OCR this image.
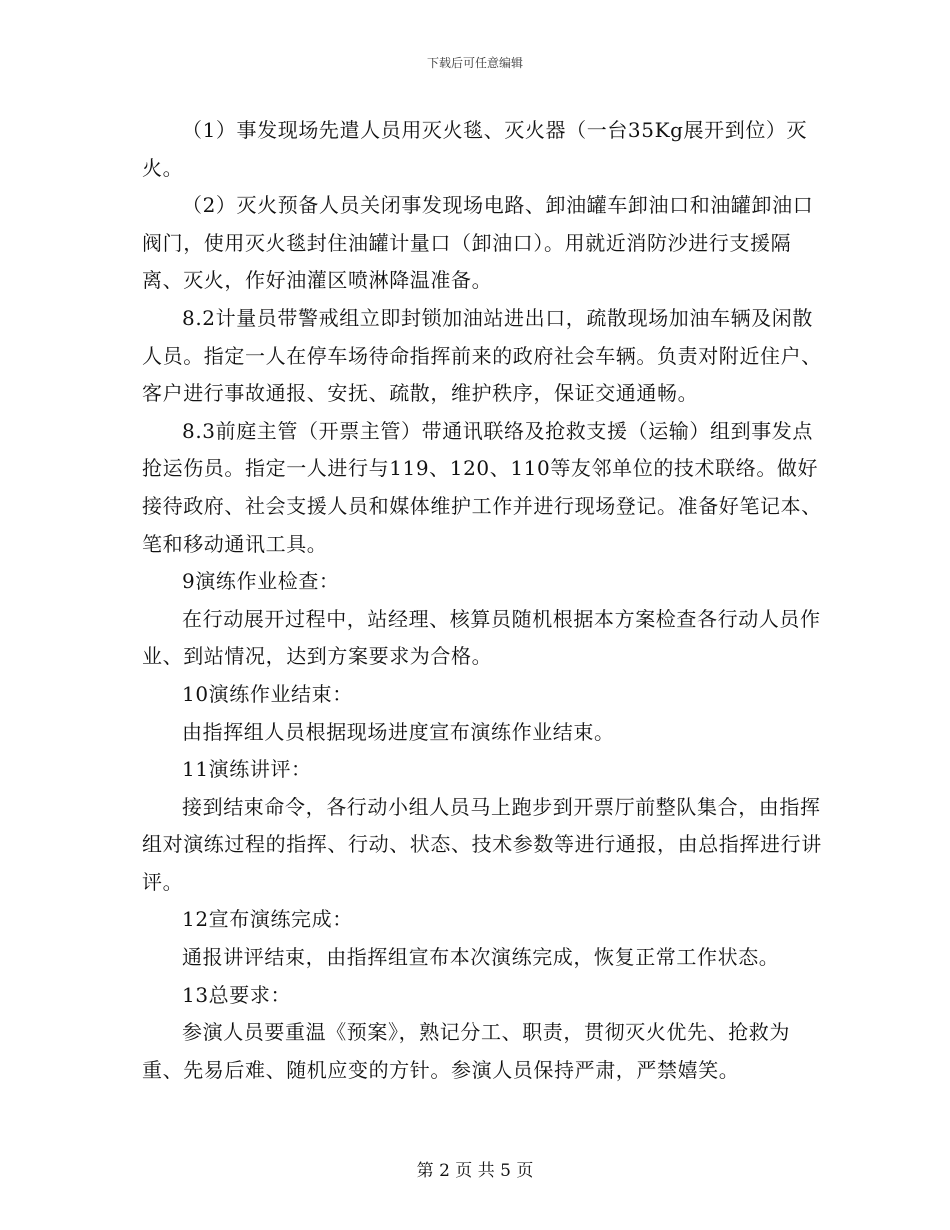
下载后可任意编辑

（1）事发现场先遣人员用灭火毯、灭火器（一台35Kg展开到位）灭火。

（2）灭火预备人员关闭事发现场电路、卸油罐车卸油口和油罐卸油口阀门，使用灭火毯封住油罐计量口（卸油口）。用就近消防沙进行支援隔离、灭火，作好油灌区喷淋降温准备。

8.2计量员带警戒组立即封锁加油站进出口，疏散现场加油车辆及闲散人员。指定一人在停车场待命指挥前来的政府社会车辆。负责对附近住户、客户进行事故通报、安抚、疏散，维护秩序，保证交通通畅。

8.3前庭主管（开票主管）带通讯联络及抢救支援（运输）组到事发点抢运伤员。指定一人进行与119、120、110等友邻单位的技术联络。做好接待政府、社会支援人员和媒体维护工作并进行现场登记。准备好笔记本、笔和移动通讯工具。

9演练作业检查：

在行动展开过程中，站经理、核算员随机根据本方案检查各行动人员作业、到站情况，达到方案要求为合格。

10演练作业结束：

由指挥组人员根据现场进度宣布演练作业结束。

11演练讲评：

接到结束命令，各行动小组人员马上跑步到开票厅前整队集合，由指挥组对演练过程的指挥、行动、状态、技术参数等进行通报，由总指挥进行讲评。

12宣布演练完成：

通报讲评结束，由指挥组宣布本次演练完成，恢复正常工作状态。

13总要求：

参演人员要重温《预案》，熟记分工、职责，贯彻灭火优先、抢救为重、先易后难、随机应变的方针。参演人员保持严肃，严禁嬉笑。

第 2 页 共 5 页
